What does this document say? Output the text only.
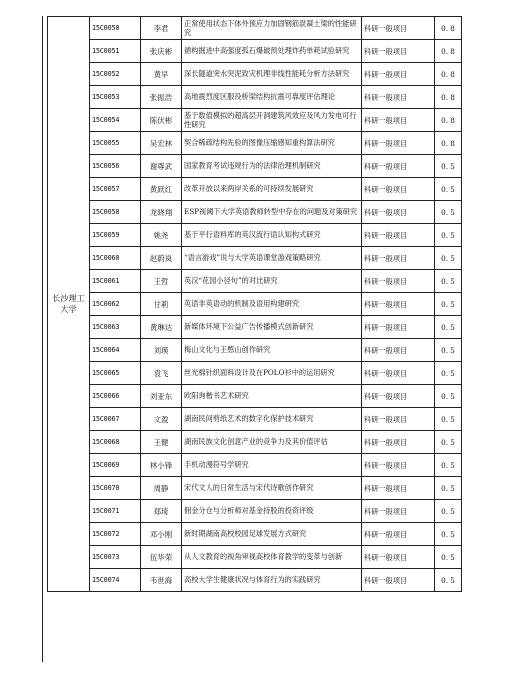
长沙理工大学	15C0050	李君	正常使用状态下体外预应力加固钢筋混凝土梁的性能研究	科研一般项目	0. 8
	15C0051	张庆彬	循构掘进中高强度孤石爆破预处理炸药单耗试验研究	科研一般项目	0. 8
	15C0052	黄早	深长隧道突水突泥致灾机理非线性能耗分析方法研究	科研一般项目	0. 8
	15C0053	张振浩	高地震烈度区服役桥梁结构抗震可靠度评估理论	科研一般项目	0. 8
	15C0054	陈伏彬	基于数值模拟的超高层开洞建筑风效应及风力发电可行性研究	科研一般项目	0. 8
	15C0055	吴宏林	契合稀疏结构先验的图像压缩感知重构算法研究	科研一般项目	0. 8
	15C0056	谢尊武	国家教育考试违规行为的法律治理机制研究	科研一般项目	0. 5
	15C0057	黄跃红	改革开放以来两岸关系的可持续发展研究	科研一般项目	0. 5
	15C0058	龙晓翔	ESP视阈下大学英语教师转型中存在的问题及对策研究	科研一般项目	0. 5
	15C0059	姚尧	基于平行语料库的英汉流行语认知构式研究	科研一般项目	0. 5
	15C0060	赵蔚岚	“语言游戏”说与大学英语课堂游戏策略研究	科研一般项目	0. 5
	15C0061	王哲	英汉“花园小径句”的对比研究	科研一般项目	0. 5
	15C0062	甘莉	英语非英语动的机制及语用构建研究	科研一般项目	0. 5
	15C0063	黄琳达	新媒体环境下公益广告传播模式创新研究	科研一般项目	0. 5
	15C0064	刘瑛	梅山文化与王憨山创作研究	科研一般项目	0. 5
	15C0065	袁飞	丝光棉针织面料设计及在POLO衫中的运用研究	科研一般项目	0. 5
	15C0066	刘亚东	欧阳询楷书艺术研究	科研一般项目	0. 5
	15C0067	文盈	湖南民间剪纸艺术的数字化保护技术研究	科研一般项目	0. 5
	15C0068	王健	湖南民族文化创意产业的竞争力及其价值评估	科研一般项目	0. 5
	15C0069	林小锋	手机动漫符号学研究	科研一般项目	0. 5
	15C0070	周静	宋代文人的日常生活与宋代诗歌创作研究	科研一般项目	0. 5
	15C0071	郑琦	佣金分仓与分析师对基金持股的投资评级	科研一般项目	0. 5
	15C0072	邓小刚	新时期湖南高校校园足球发展方式研究	科研一般项目	0. 5
	15C0073	伍华荣	从人文教育的视角审视高校体育教学的变革与创新	科研一般项目	0. 5
	15C0074	韦世海	高校大学生健康状况与体育行为的实践研究	科研一般项目	0. 5
